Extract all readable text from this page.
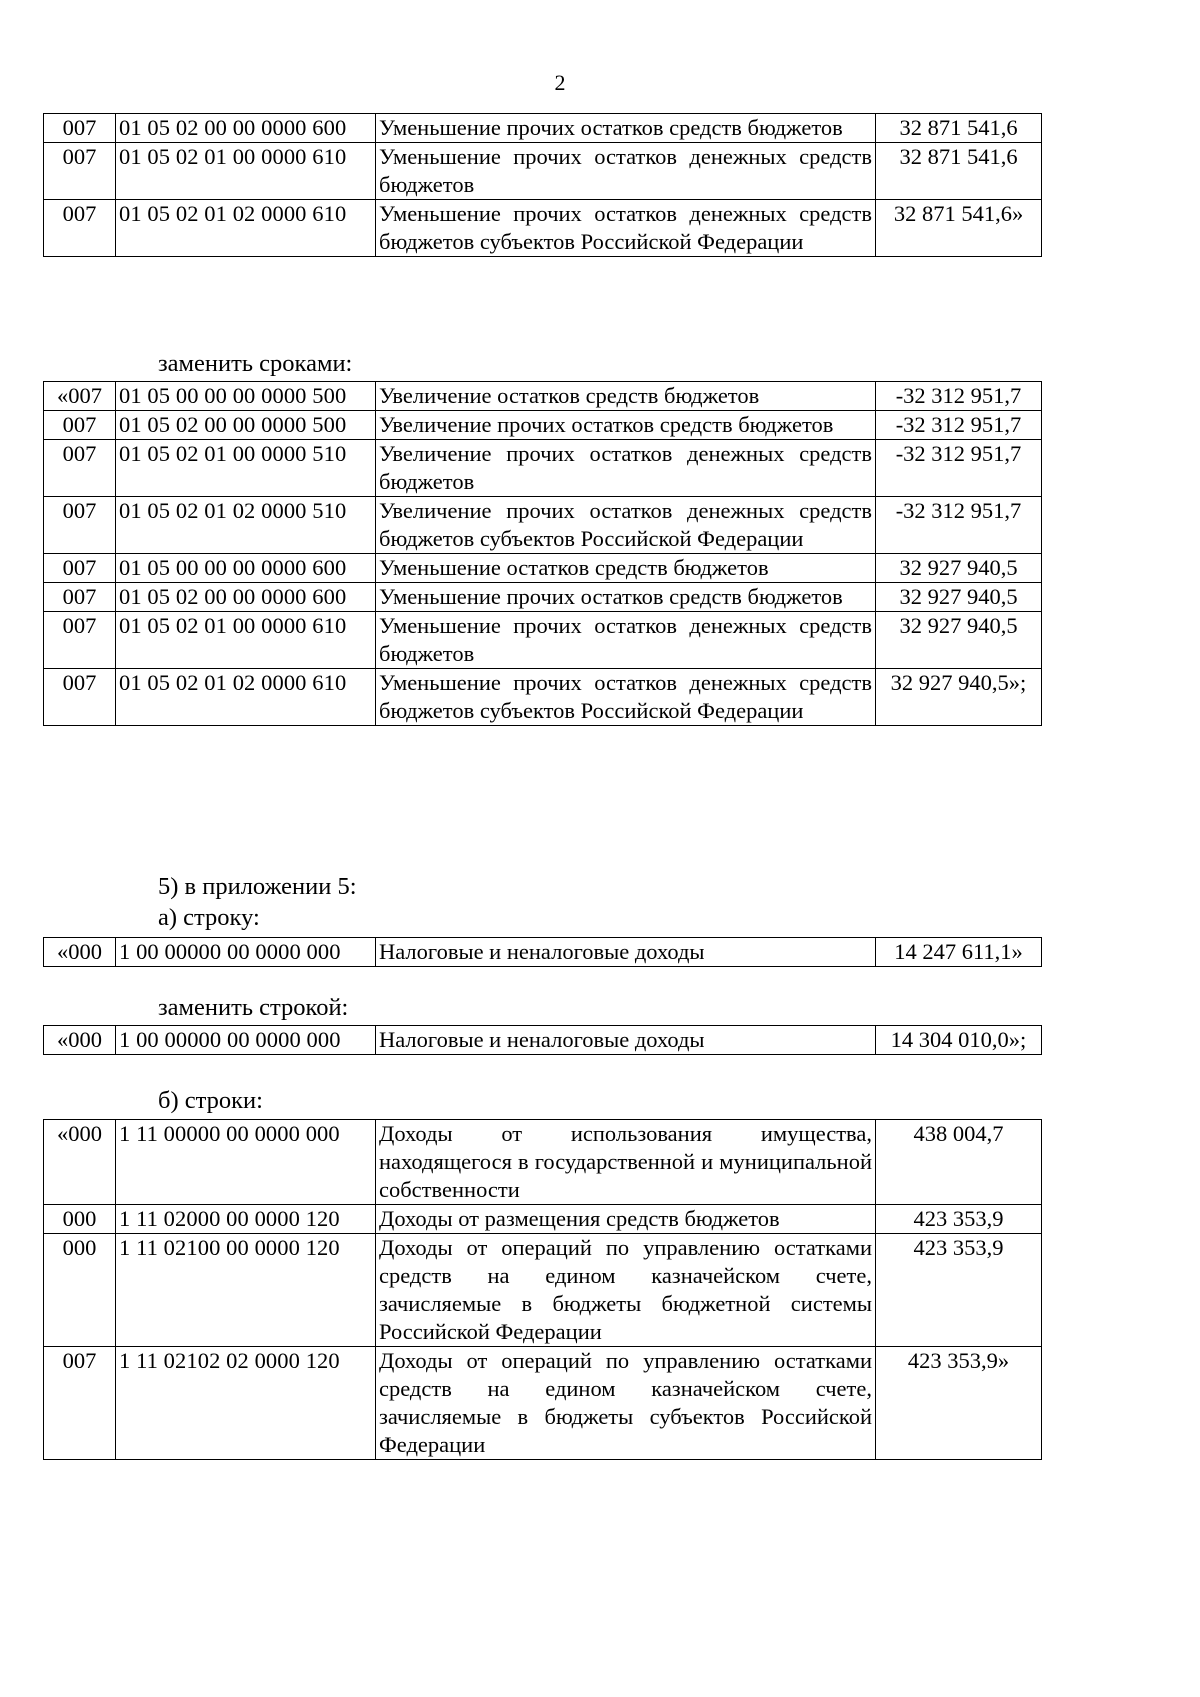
2
007	01 05 02 00 00 0000 600	Уменьшение прочих остатков средств бюджетов	32 871 541,6
007	01 05 02 01 00 0000 610	Уменьшение прочих остатков денежных средств бюджетов	32 871 541,6
007	01 05 02 01 02 0000 610	Уменьшение прочих остатков денежных средств бюджетов субъектов Российской Федерации	32 871 541,6»
заменить сроками:
«007	01 05 00 00 00 0000 500	Увеличение остатков средств бюджетов	-32 312 951,7
007	01 05 02 00 00 0000 500	Увеличение прочих остатков средств бюджетов	-32 312 951,7
007	01 05 02 01 00 0000 510	Увеличение прочих остатков денежных средств бюджетов	-32 312 951,7
007	01 05 02 01 02 0000 510	Увеличение прочих остатков денежных средств бюджетов субъектов Российской Федерации	-32 312 951,7
007	01 05 00 00 00 0000 600	Уменьшение остатков средств бюджетов	32 927 940,5
007	01 05 02 00 00 0000 600	Уменьшение прочих остатков средств бюджетов	32 927 940,5
007	01 05 02 01 00 0000 610	Уменьшение прочих остатков денежных средств бюджетов	32 927 940,5
007	01 05 02 01 02 0000 610	Уменьшение прочих остатков денежных средств бюджетов субъектов Российской Федерации	32 927 940,5»;
5) в приложении 5:
а) строку:
«000	1 00 00000 00 0000 000	Налоговые и неналоговые доходы	14 247 611,1»
заменить строкой:
«000	1 00 00000 00 0000 000	Налоговые и неналоговые доходы	14 304 010,0»;
б) строки:
«000	1 11 00000 00 0000 000	Доходы от использования имущества, находящегося в государственной и муниципальной собственности	438 004,7
000	1 11 02000 00 0000 120	Доходы от размещения средств бюджетов	423 353,9
000	1 11 02100 00 0000 120	Доходы от операций по управлению остатками средств на едином казначейском счете, зачисляемые в бюджеты бюджетной системы Российской Федерации	423 353,9
007	1 11 02102 02 0000 120	Доходы от операций по управлению остатками средств на едином казначейском счете, зачисляемые в бюджеты субъектов Российской Федерации	423 353,9»
